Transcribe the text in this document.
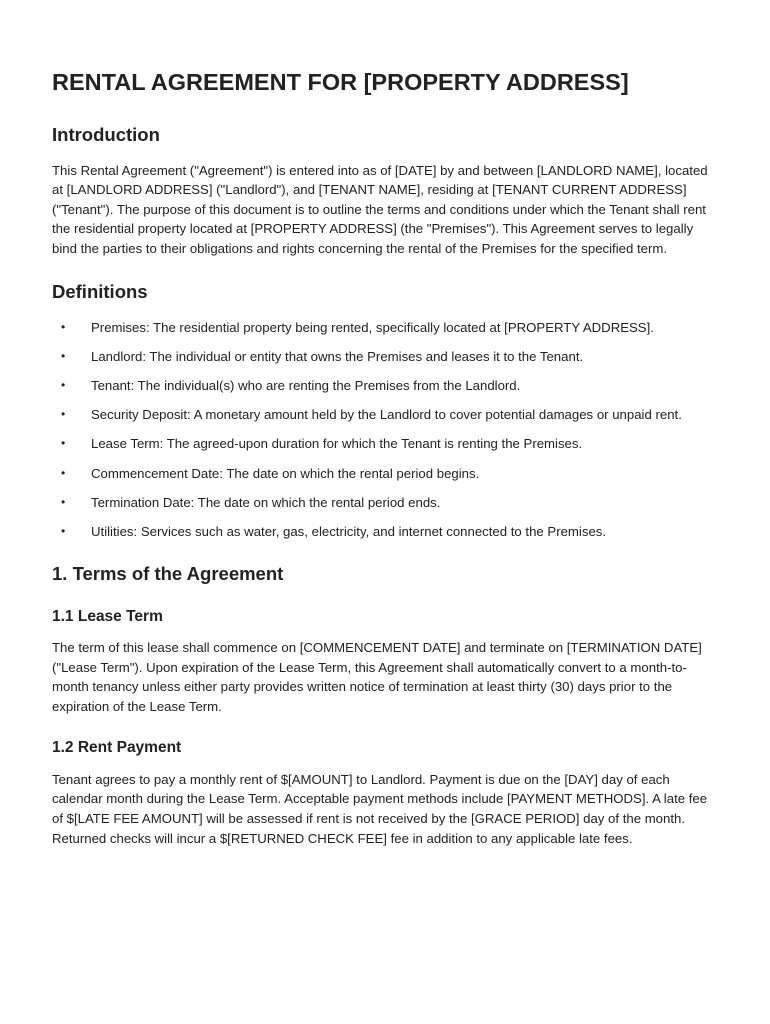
RENTAL AGREEMENT FOR [PROPERTY ADDRESS]
Introduction

This Rental Agreement ("Agreement") is entered into as of [DATE] by and between [LANDLORD NAME], located at [LANDLORD ADDRESS] ("Landlord"), and [TENANT NAME], residing at [TENANT CURRENT ADDRESS] ("Tenant"). The purpose of this document is to outline the terms and conditions under which the Tenant shall rent the residential property located at [PROPERTY ADDRESS] (the "Premises"). This Agreement serves to legally bind the parties to their obligations and rights concerning the rental of the Premises for the specified term.

Definitions
• Premises: The residential property being rented, specifically located at [PROPERTY ADDRESS].
• Landlord: The individual or entity that owns the Premises and leases it to the Tenant.
• Tenant: The individual(s) who are renting the Premises from the Landlord.
• Security Deposit: A monetary amount held by the Landlord to cover potential damages or unpaid rent.
• Lease Term: The agreed-upon duration for which the Tenant is renting the Premises.
• Commencement Date: The date on which the rental period begins.
• Termination Date: The date on which the rental period ends.
• Utilities: Services such as water, gas, electricity, and internet connected to the Premises.
1. Terms of the Agreement
1.1 Lease Term

The term of this lease shall commence on [COMMENCEMENT DATE] and terminate on [TERMINATION DATE] ("Lease Term"). Upon expiration of the Lease Term, this Agreement shall automatically convert to a month-to-month tenancy unless either party provides written notice of termination at least thirty (30) days prior to the expiration of the Lease Term.

1.2 Rent Payment

Tenant agrees to pay a monthly rent of $[AMOUNT] to Landlord. Payment is due on the [DAY] day of each calendar month during the Lease Term. Acceptable payment methods include [PAYMENT METHODS]. A late fee of $[LATE FEE AMOUNT] will be assessed if rent is not received by the [GRACE PERIOD] day of the month. Returned checks will incur a $[RETURNED CHECK FEE] fee in addition to any applicable late fees.
